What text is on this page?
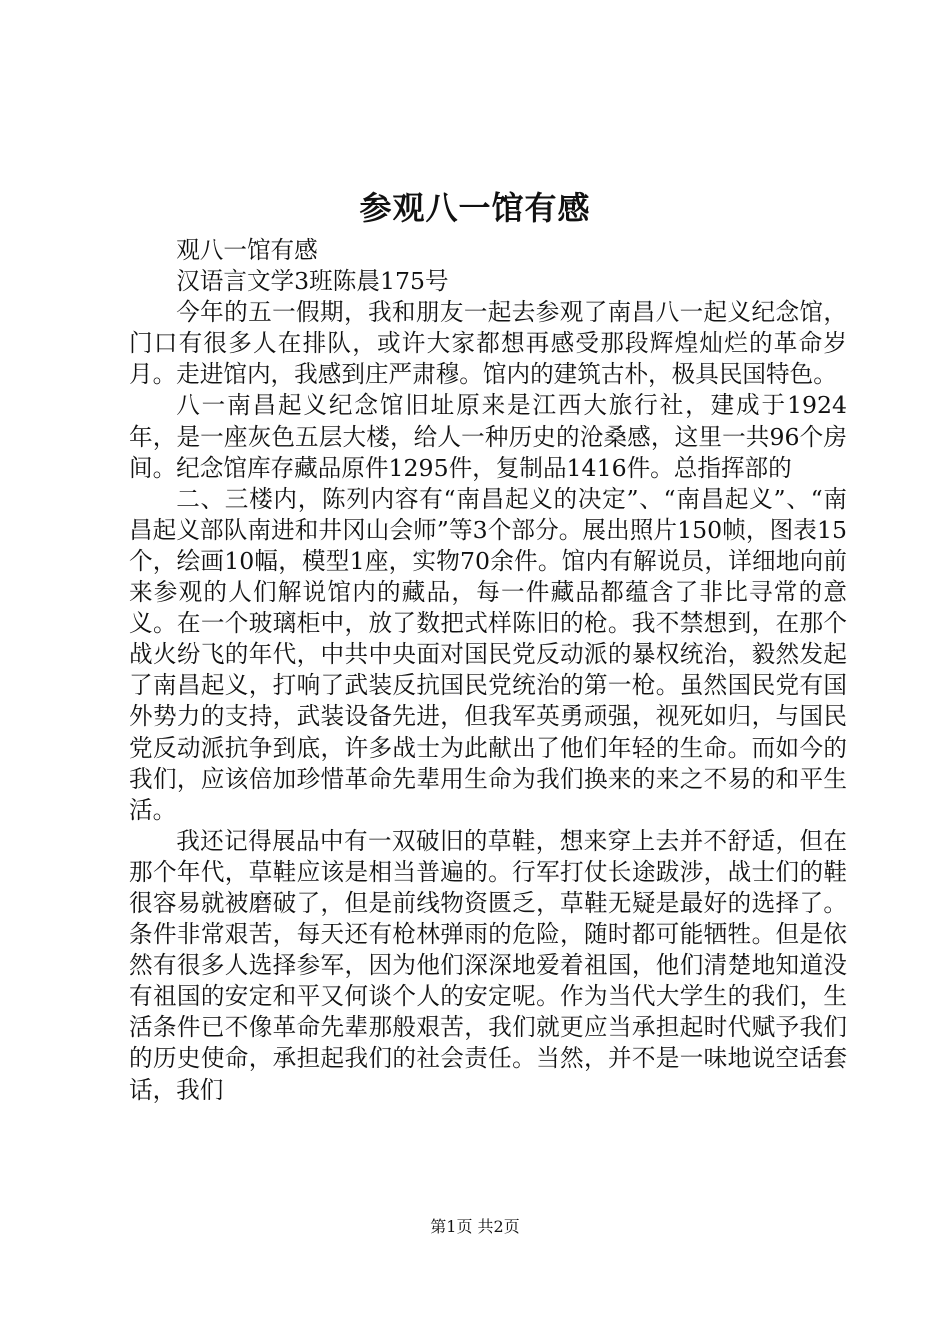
参观八一馆有感

观八一馆有感

汉语言文学3班陈晨175号

今年的五一假期，我和朋友一起去参观了南昌八一起义纪念馆，门口有很多人在排队，或许大家都想再感受那段辉煌灿烂的革命岁月。走进馆内，我感到庄严肃穆。馆内的建筑古朴，极具民国特色。

八一南昌起义纪念馆旧址原来是江西大旅行社，建成于1924年，是一座灰色五层大楼，给人一种历史的沧桑感，这里一共96个房间。纪念馆库存藏品原件1295件，复制品1416件。总指挥部的

二、三楼内，陈列内容有“南昌起义的决定”、“南昌起义”、“南昌起义部队南进和井冈山会师”等3个部分。展出照片150帧，图表15个，绘画10幅，模型1座，实物70余件。馆内有解说员，详细地向前来参观的人们解说馆内的藏品，每一件藏品都蕴含了非比寻常的意义。在一个玻璃柜中，放了数把式样陈旧的枪。我不禁想到，在那个战火纷飞的年代，中共中央面对国民党反动派的暴权统治，毅然发起了南昌起义，打响了武装反抗国民党统治的第一枪。虽然国民党有国外势力的支持，武装设备先进，但我军英勇顽强，视死如归，与国民党反动派抗争到底，许多战士为此献出了他们年轻的生命。而如今的我们，应该倍加珍惜革命先辈用生命为我们换来的来之不易的和平生活。

我还记得展品中有一双破旧的草鞋，想来穿上去并不舒适，但在那个年代，草鞋应该是相当普遍的。行军打仗长途跋涉，战士们的鞋很容易就被磨破了，但是前线物资匮乏，草鞋无疑是最好的选择了。条件非常艰苦，每天还有枪林弹雨的危险，随时都可能牺牲。但是依然有很多人选择参军，因为他们深深地爱着祖国，他们清楚地知道没有祖国的安定和平又何谈个人的安定呢。作为当代大学生的我们，生活条件已不像革命先辈那般艰苦，我们就更应当承担起时代赋予我们的历史使命，承担起我们的社会责任。当然，并不是一味地说空话套话，我们

第1页 共2页
